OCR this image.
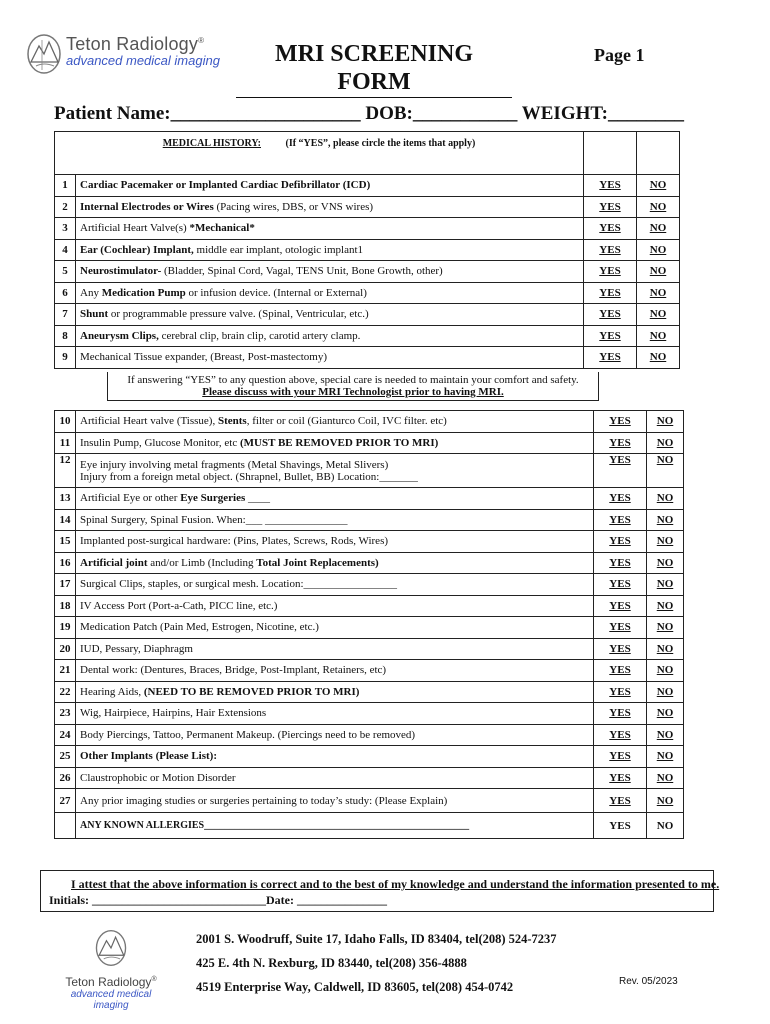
Teton Radiology®
advanced medical imaging	MRI SCREENING FORM
Page 1
Patient Name:____________________ DOB:___________ WEIGHT:________
MEDICAL HISTORY: (If “YES”, please circle the items that apply)			
1	Cardiac Pacemaker or Implanted Cardiac Defibrillator (ICD)	YES	NO
2	Internal Electrodes or Wires (Pacing wires, DBS, or VNS wires)	YES	NO
3	Artificial Heart Valve(s) *Mechanical*	YES	NO
4	Ear (Cochlear) Implant, middle ear implant, otologic implant1	YES	NO
5	Neurostimulator- (Bladder, Spinal Cord, Vagal, TENS Unit, Bone Growth, other)	YES	NO
6	Any Medication Pump or infusion device. (Internal or External)	YES	NO
7	Shunt or programmable pressure valve. (Spinal, Ventricular, etc.)	YES	NO
8	Aneurysm Clips, cerebral clip, brain clip, carotid artery clamp.	YES	NO
9	Mechanical Tissue expander, (Breast, Post-mastectomy)	YES	NO
If answering “YES” to any question above, special care is needed to maintain your comfort and safety.
Please discuss with your MRI Technologist prior to having MRI.
10	Artificial Heart valve (Tissue), Stents, filter or coil (Gianturco Coil, IVC filter. etc)	YES	NO
11	Insulin Pump, Glucose Monitor, etc (MUST BE REMOVED PRIOR TO MRI)	YES	NO
12	Eye injury involving metal fragments (Metal Shavings, Metal Slivers)
Injury from a foreign metal object. (Shrapnel, Bullet, BB) Location:_______	YES	NO
13	Artificial Eye or other Eye Surgeries ____	YES	NO
14	Spinal Surgery, Spinal Fusion. When:___ _______________	YES	NO
15	Implanted post-surgical hardware: (Pins, Plates, Screws, Rods, Wires)	YES	NO
16	Artificial joint and/or Limb (Including Total Joint Replacements)	YES	NO
17	Surgical Clips, staples, or surgical mesh. Location:_________________	YES	NO
18	IV Access Port (Port-a-Cath, PICC line, etc.)	YES	NO
19	Medication Patch (Pain Med, Estrogen, Nicotine, etc.)	YES	NO
20	IUD, Pessary, Diaphragm	YES	NO
21	Dental work: (Dentures, Braces, Bridge, Post-Implant, Retainers, etc)	YES	NO
22	Hearing Aids, (NEED TO BE REMOVED PRIOR TO MRI)	YES	NO
23	Wig, Hairpiece, Hairpins, Hair Extensions	YES	NO
24	Body Piercings, Tattoo, Permanent Makeup. (Piercings need to be removed)	YES	NO
25	Other Implants (Please List):	YES	NO
26	Claustrophobic or Motion Disorder	YES	NO
27	Any prior imaging studies or surgeries pertaining to today’s study: (Please Explain)	YES	NO
	ANY KNOWN ALLERGIES_____________________________________________________	YES	NO
I attest that the above information is correct and to the best of my knowledge and understand the information presented to me.
Initials: _____________________________Date: _______________
Teton Radiology®
advanced medical imaging
2001 S. Woodruff, Suite 17, Idaho Falls, ID 83404, tel(208) 524-7237
425 E. 4th N. Rexburg, ID 83440, tel(208) 356-4888
4519 Enterprise Way, Caldwell, ID 83605, tel(208) 454-0742	Rev. 05/2023
